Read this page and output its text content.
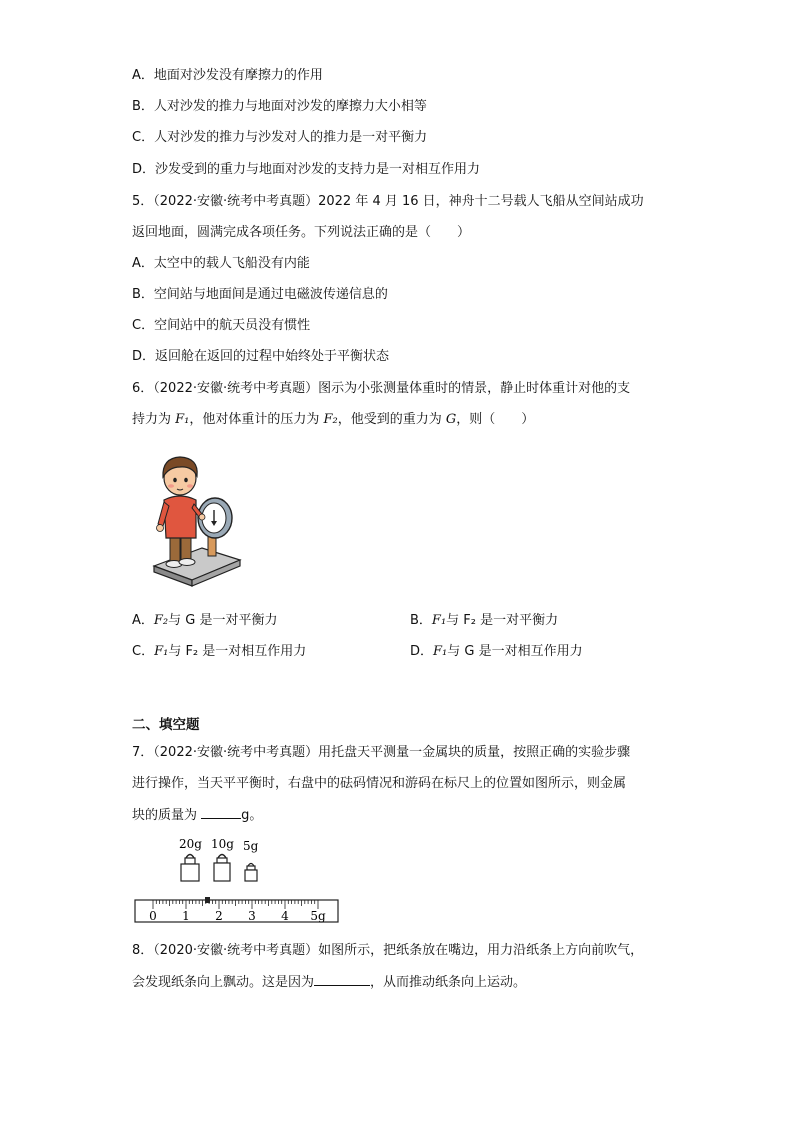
A．地面对沙发没有摩擦力的作用
B．人对沙发的推力与地面对沙发的摩擦力大小相等
C．人对沙发的推力与沙发对人的推力是一对平衡力
D．沙发受到的重力与地面对沙发的支持力是一对相互作用力
5．（2022·安徽·统考中考真题）2022 年 4 月 16 日，神舟十二号载人飞船从空间站成功
返回地面，圆满完成各项任务。下列说法正确的是（　　）
A．太空中的载人飞船没有内能
B．空间站与地面间是通过电磁波传递信息的
C．空间站中的航天员没有惯性
D．返回舱在返回的过程中始终处于平衡状态
6．（2022·安徽·统考中考真题）图示为小张测量体重时的情景，静止时体重计对他的支
持力为 F₁，他对体重计的压力为 F₂，他受到的重力为 G，则（　　）
A．F₂与 G 是一对平衡力	B．F₁与 F₂ 是一对平衡力
C．F₁与 F₂ 是一对相互作用力	D．F₁与 G 是一对相互作用力
二、填空题
7．（2022·安徽·统考中考真题）用托盘天平测量一金属块的质量，按照正确的实验步骤
进行操作，当天平平衡时，右盘中的砝码情况和游码在标尺上的位置如图所示，则金属
块的质量为	g。
20g 10g 5g
0 1 2 3 4 5g
8．（2020·安徽·统考中考真题）如图所示，把纸条放在嘴边，用力沿纸条上方向前吹气，
会发现纸条向上飘动。这是因为	，从而推动纸条向上运动。
